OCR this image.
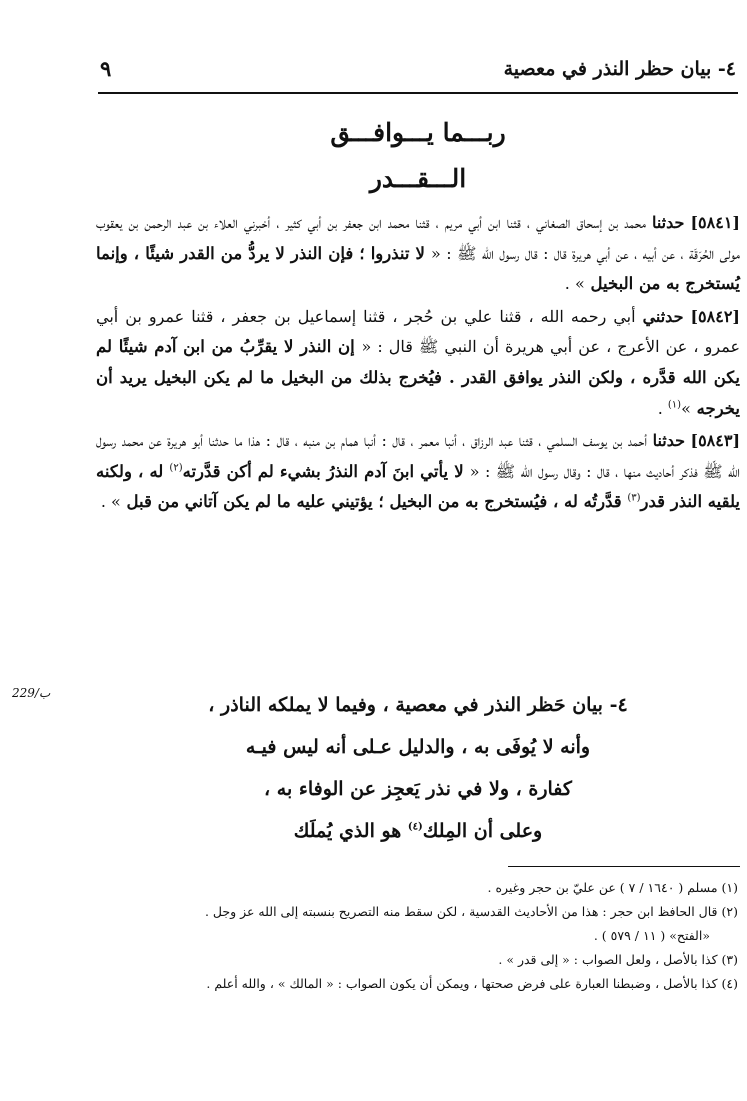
٤- بيان حظر النذر في معصية
٩
ربـــما يـــوافـــق
الـــقـــدر

[٥٨٤١] حدثنا محمد بن إسحاق الصغاني ، قثنا ابن أبي مريم ، قثنا محمد ابن جعفر بن أبي كثير ، أخبرني العلاء بن عبد الرحمن بن يعقوب مولى الحُرَقَة ، عن أبيه ، عن أبي هريرة قال : قال رسول الله ﷺ : « لا تنذروا ؛ فإن النذر لا يردُّ من القدر شيئًا ، وإنما يُستخرج به من البخيل » .

[٥٨٤٢] حدثني أبي رحمه الله ، قثنا علي بن حُجر ، قثنا إسماعيل بن جعفر ، قثنا عمرو بن أبي عمرو ، عن الأعرج ، عن أبي هريرة أن النبي ﷺ قال : « إن النذر لا يقرِّبُ من ابن آدم شيئًا لم يكن الله قدَّره ، ولكن النذر يوافق القدر . فيُخرج بذلك من البخيل ما لم يكن البخيل يريد أن يخرجه »$^{(١)}$ .

[٥٨٤٣] حدثنا أحمد بن يوسف السلمي ، قثنا عبد الرزاق ، أنبا معمر ، قال : أنبا همام بن منبه ، قال : هذا ما حدثنا أبو هريرة عن محمد رسول الله ﷺ فذكر أحاديث منها ، قال : وقال رسول الله ﷺ : « لا يأتي ابنَ آدم النذرُ بشيء لم أكن قدَّرته$^{(٢)}$ له ، ولكنه يلقيه النذر قدر$^{(٣)}$ قدَّرتُه له ، فيُستخرج به من البخيل ؛ يؤتيني عليه ما لم يكن آتاني من قبل » .

229/ب
٤- بيان حَظر النذر في معصية ، وفيما لا يملكه الناذر ،
وأنه لا يُوفَى به ، والدليل عـلى أنه ليس فيـه
كفارة ، ولا في نذر يَعجِز عن الوفاء به ،
وعلى أن المِلك$^{(٤)}$ هو الذي يُملَك
(١) مسلم ( ١٦٤٠ / ٧ ) عن عليّ بن حجر وغيره .
(٢) قال الحافظ ابن حجر : هذا من الأحاديث القدسية ، لكن سقط منه التصريح بنسبته إلى الله عز وجل .
«الفتح» ( ١١ / ٥٧٩ ) .
(٣) كذا بالأصل ، ولعل الصواب : « إلى قدر » .
(٤) كذا بالأصل ، وضبطنا العبارة على فرض صحتها ، ويمكن أن يكون الصواب : « المالك » ، والله أعلم .
